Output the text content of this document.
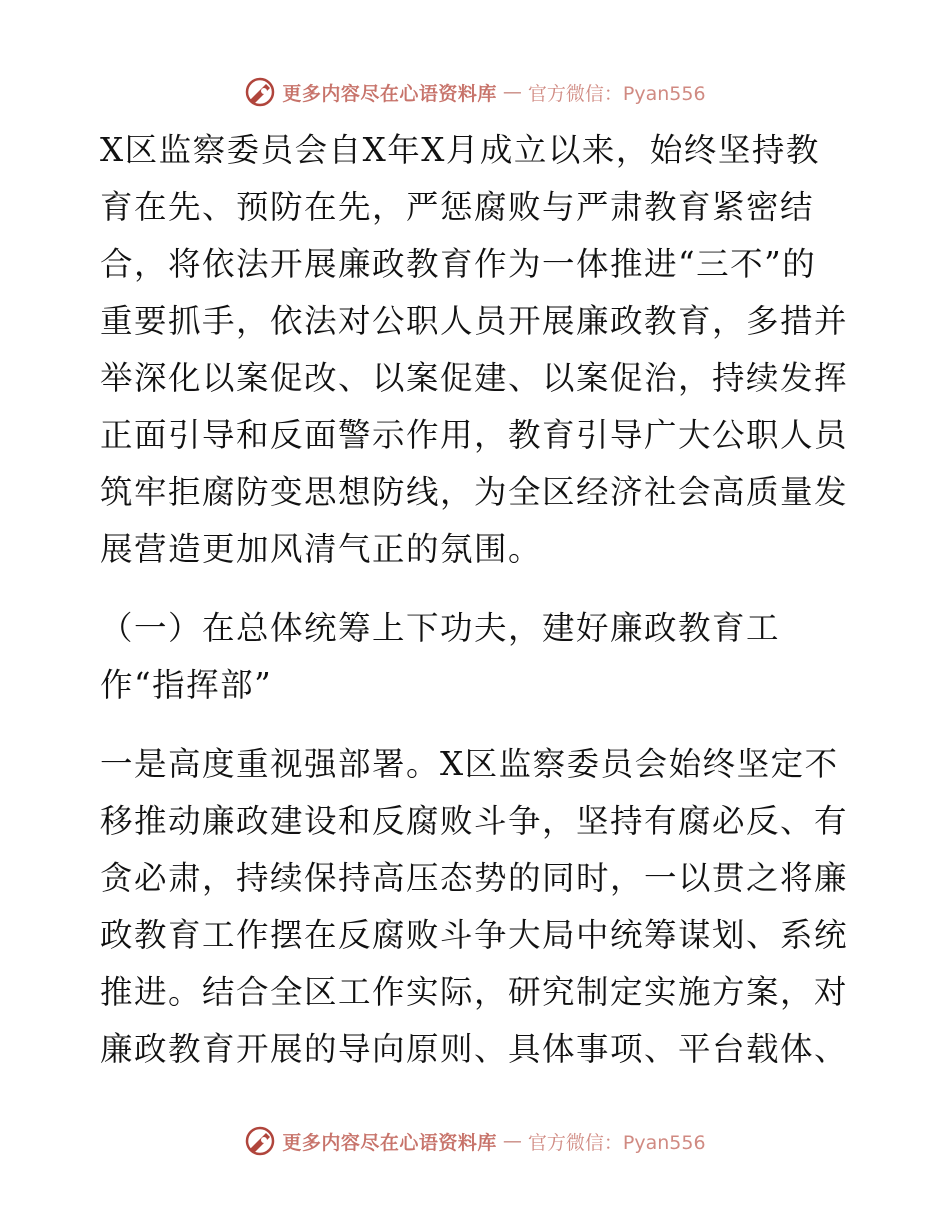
更多内容尽在心语资料库 — 官方微信：Pyan556
X区监察委员会自X年X月成立以来，始终坚持教
育在先、预防在先，严惩腐败与严肃教育紧密结
合，将依法开展廉政教育作为一体推进“三不”的
重要抓手，依法对公职人员开展廉政教育，多措并
举深化以案促改、以案促建、以案促治，持续发挥
正面引导和反面警示作用，教育引导广大公职人员
筑牢拒腐防变思想防线，为全区经济社会高质量发
展营造更加风清气正的氛围。
（一）在总体统筹上下功夫，建好廉政教育工
作“指挥部”
一是高度重视强部署。X区监察委员会始终坚定不
移推动廉政建设和反腐败斗争，坚持有腐必反、有
贪必肃，持续保持高压态势的同时，一以贯之将廉
政教育工作摆在反腐败斗争大局中统筹谋划、系统
推进。结合全区工作实际，研究制定实施方案，对
廉政教育开展的导向原则、具体事项、平台载体、
更多内容尽在心语资料库 — 官方微信：Pyan556
